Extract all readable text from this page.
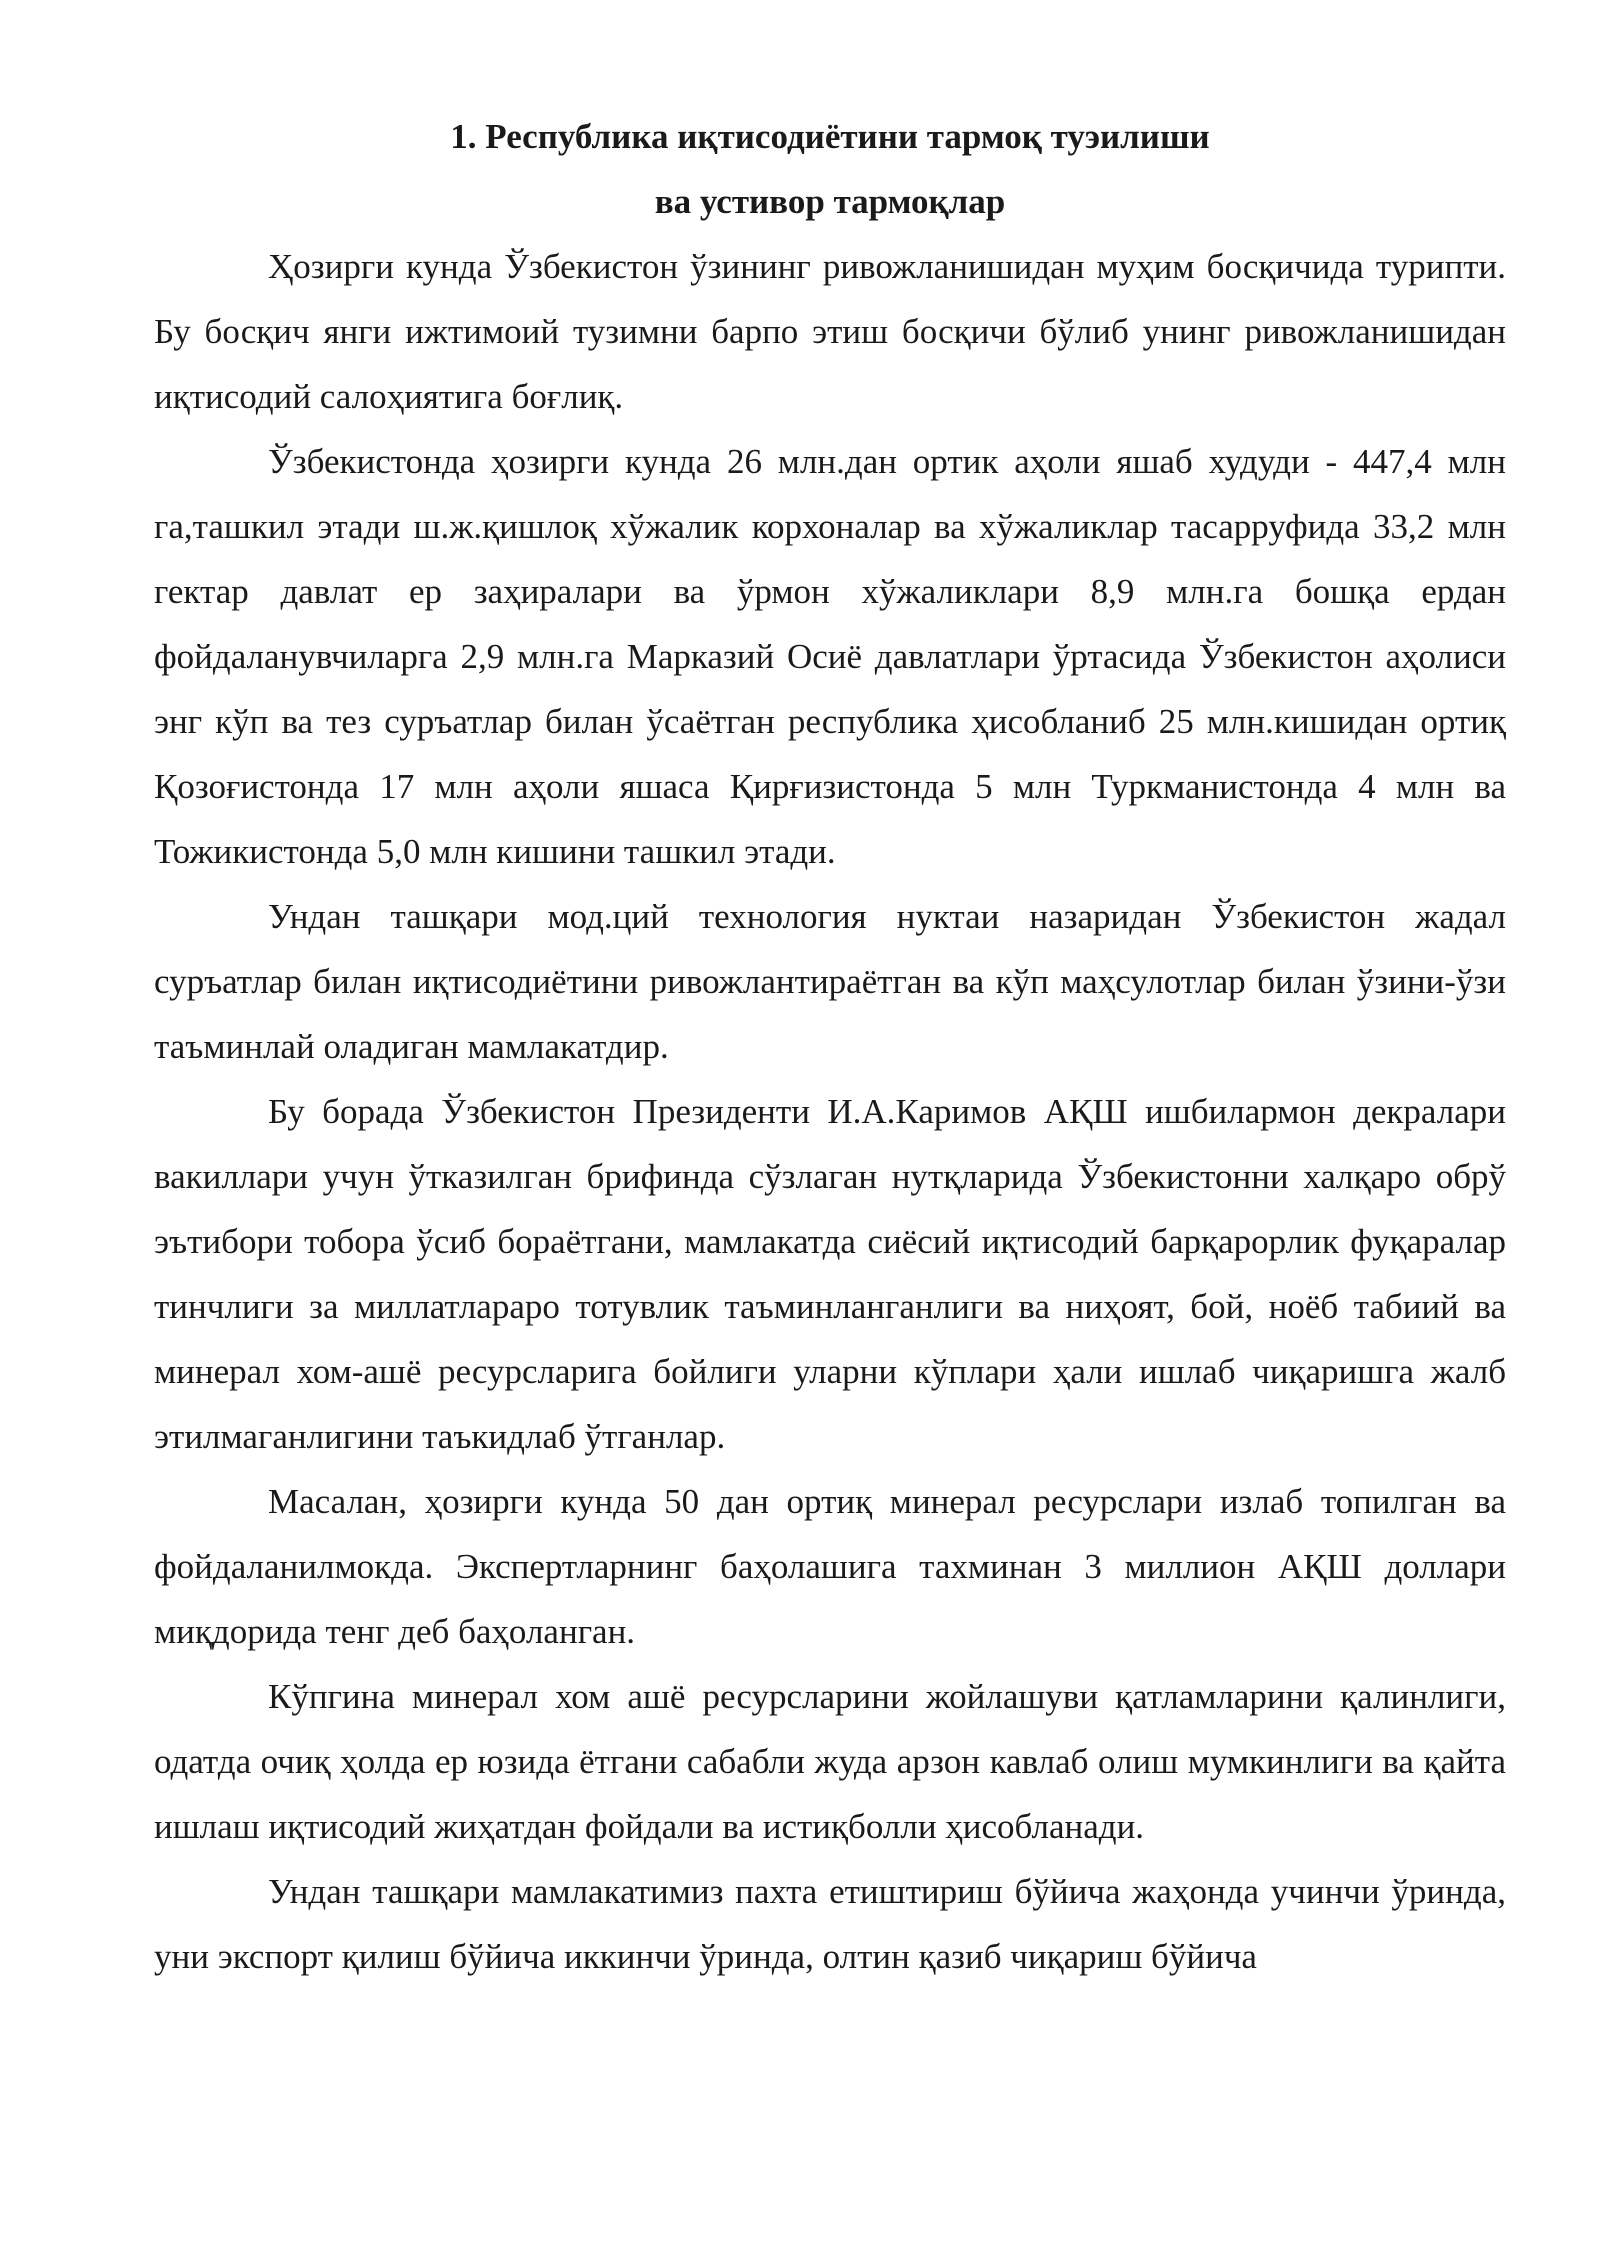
1. Республика иқтисодиётини тармоқ туэилиши

ва устивор тармоқлар

Ҳозирги кунда Ўзбекистон ўзининг ривожланишидан муҳим босқичида турипти. Бу босқич янги ижтимоий тузимни барпо этиш босқичи бўлиб унинг ривожланишидан иқтисодий салоҳиятига боғлиқ.

Ўзбекистонда ҳозирги кунда 26 млн.дан ортик аҳоли яшаб худуди - 447,4 млн га,ташкил этади ш.ж.қишлоқ хўжалик корхоналар ва хўжаликлар тасарруфида 33,2 млн гектар давлат ер заҳиралари ва ўрмон хўжаликлари 8,9 млн.га бошқа ердан фойдаланувчиларга 2,9 млн.га Марказий Осиё давлатлари ўртасида Ўзбекистон аҳолиси энг кўп ва тез суръатлар билан ўсаётган республика ҳисобланиб 25 млн.кишидан ортиқ Қозоғистонда 17 млн аҳоли яшаса Қирғизистонда 5 млн Туркманистонда 4 млн ва Тожикистонда 5,0 млн кишини ташкил этади.

Ундан ташқари мод.ций технология нуктаи назаридан Ўзбекистон жадал суръатлар билан иқтисодиётини ривожлантираётган ва кўп маҳсулотлар билан ўзини-ўзи таъминлай оладиган мамлакатдир.

Бу борада Ўзбекистон Президенти И.А.Каримов АҚШ ишбилармон декралари вакиллари учун ўтказилган брифинда сўзлаган нутқларида Ўзбекистонни халқаро обрў эътибори тобора ўсиб бораётгани, мамлакатда сиёсий иқтисодий барқарорлик фуқаралар тинчлиги за миллатлараро тотувлик таъминланганлиги ва ниҳоят, бой, ноёб табиий ва минерал хом-ашё ресурсларига бойлиги уларни кўплари ҳали ишлаб чиқаришга жалб этилмаганлигини таъкидлаб ўтганлар.

Масалан, ҳозирги кунда 50 дан ортиқ минерал ресурслари излаб топилган ва фойдаланилмокда. Экспертларнинг баҳолашига тахминан 3 миллион АҚШ доллари миқдорида тенг деб баҳоланган.

Кўпгина минерал хом ашё ресурсларини жойлашуви қатламларини қалинлиги, одатда очиқ ҳолда ер юзида ётгани сабабли жуда арзон кавлаб олиш мумкинлиги ва қайта ишлаш иқтисодий жиҳатдан фойдали ва истиқболли ҳисобланади.

Ундан ташқари мамлакатимиз пахта етиштириш бўйича жаҳонда учинчи ўринда, уни экспорт қилиш бўйича иккинчи ўринда, олтин қазиб чиқариш бўйича
